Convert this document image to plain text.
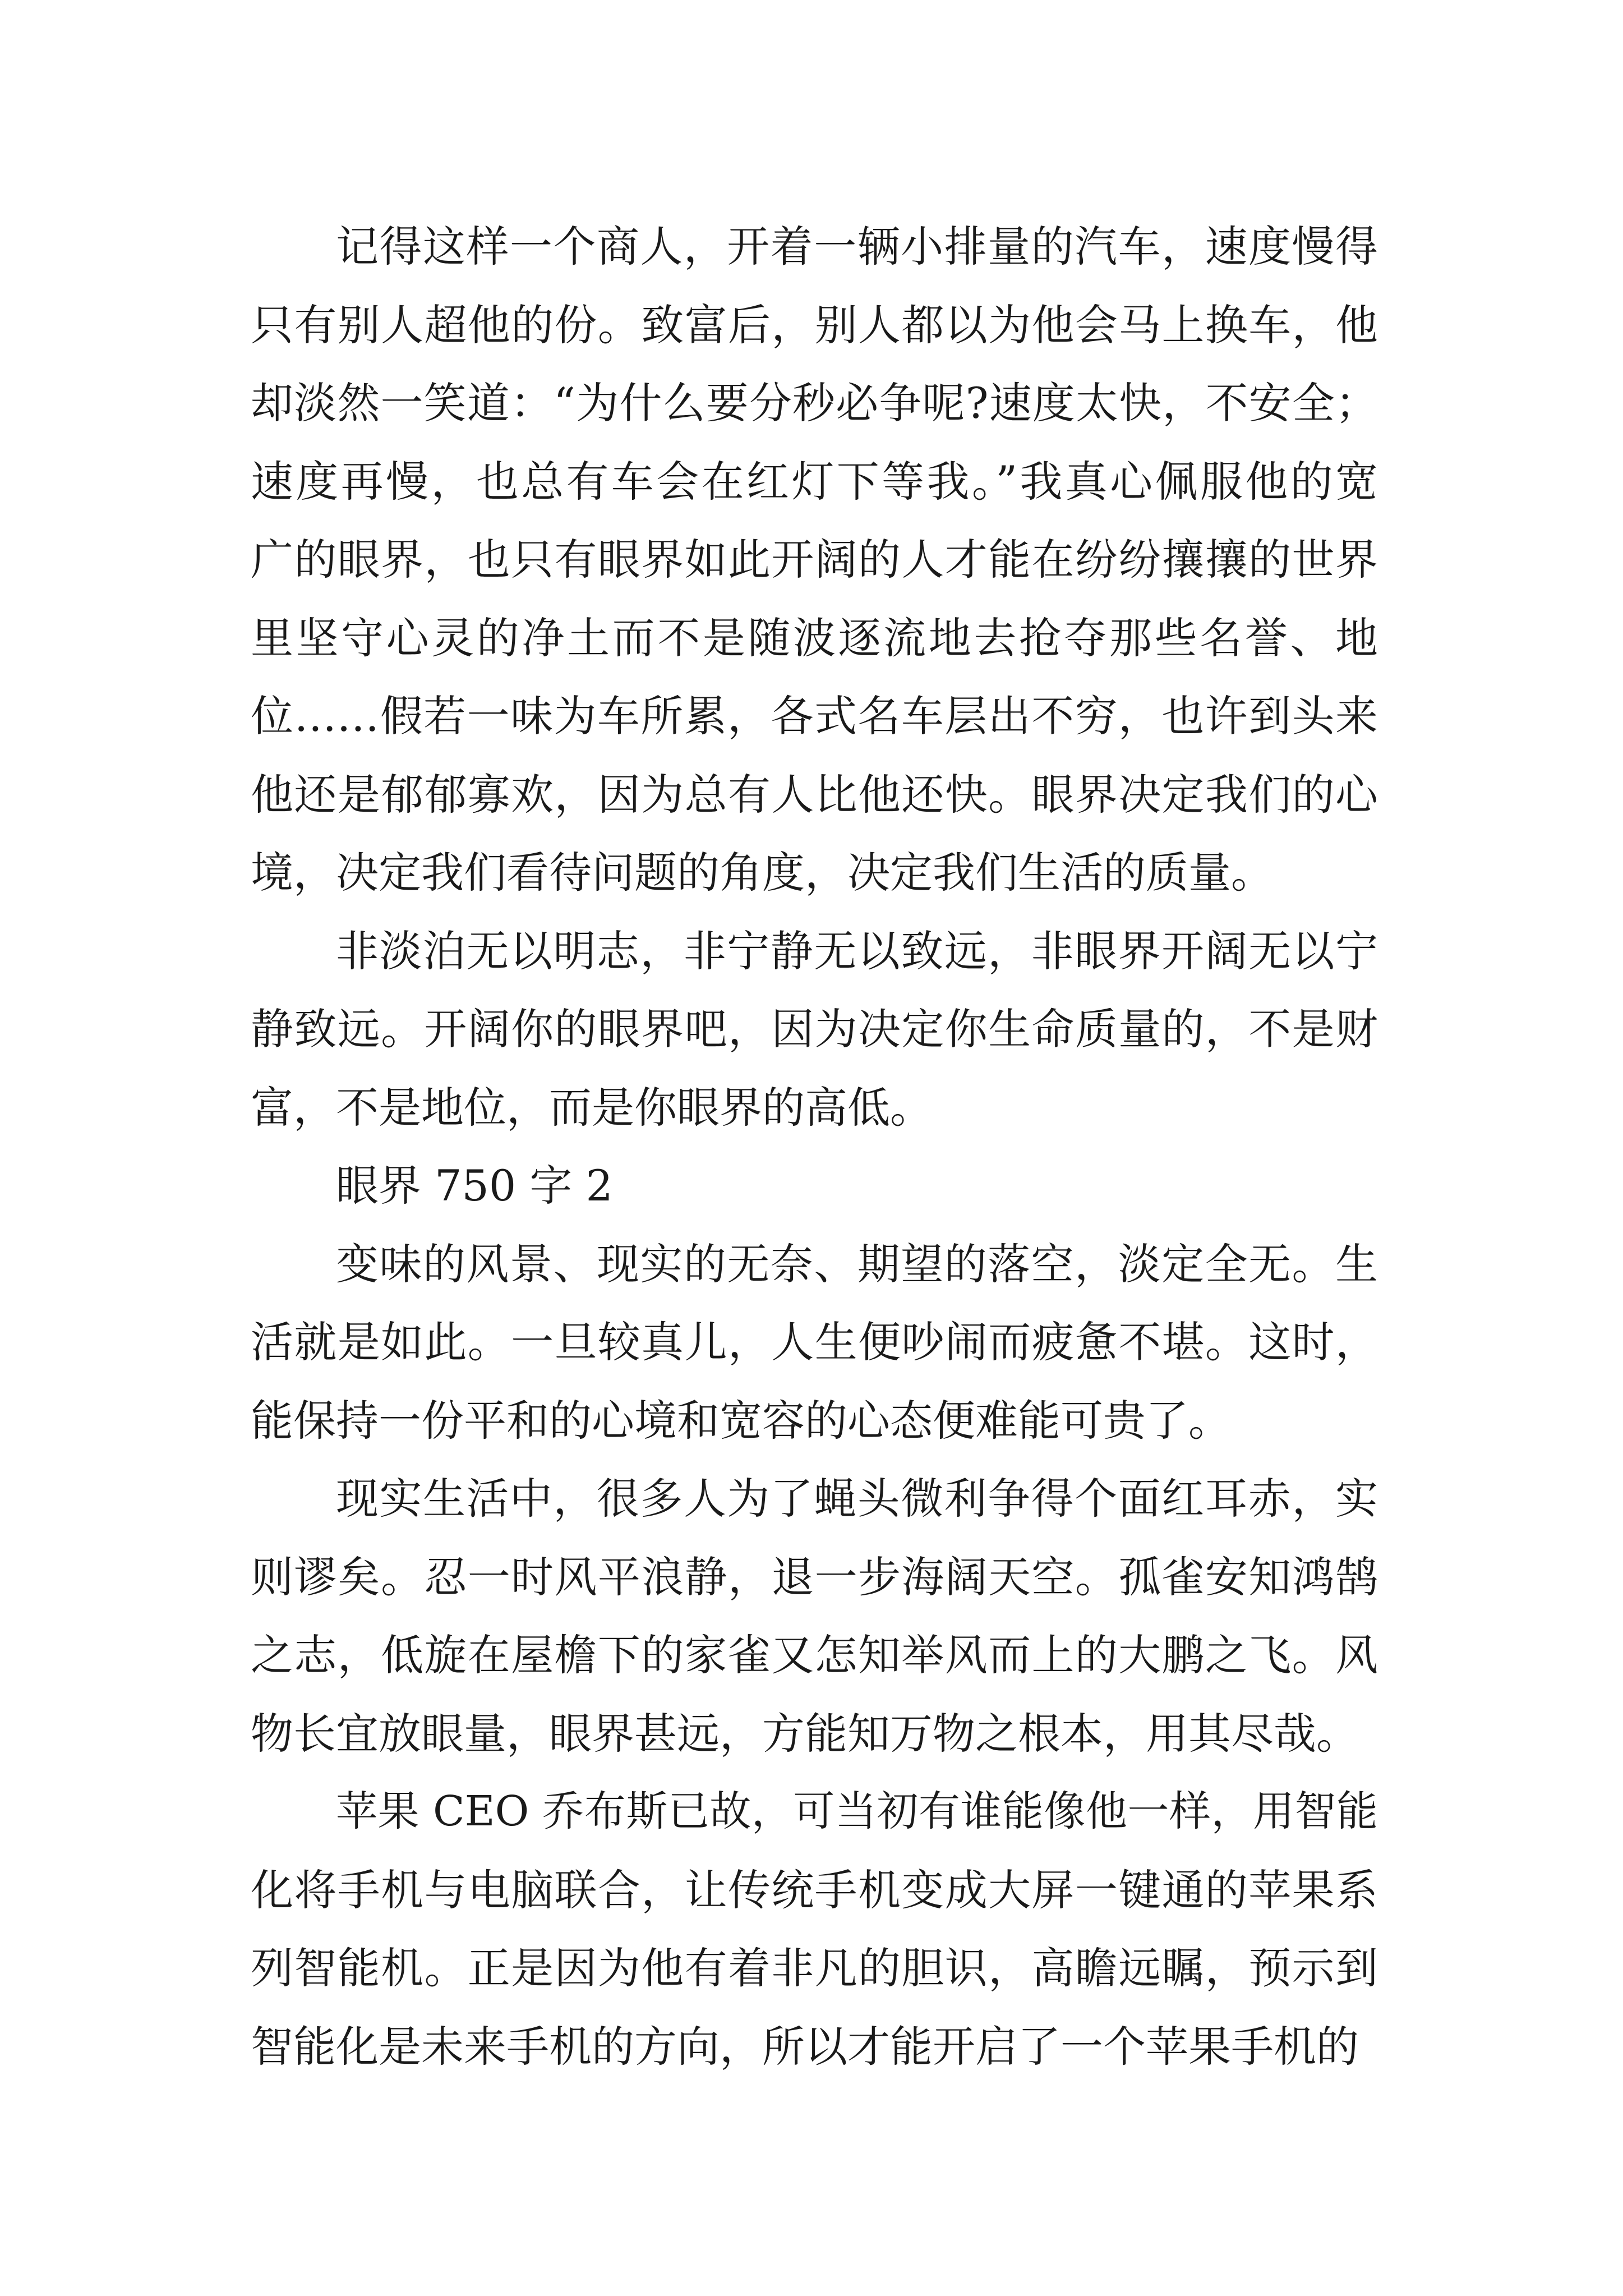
记得这样一个商人，开着一辆小排量的汽车，速度慢得
只有别人超他的份。致富后，别人都以为他会马上换车，他
却淡然一笑道：“为什么要分秒必争呢?速度太快，不安全；
速度再慢，也总有车会在红灯下等我。”我真心佩服他的宽
广的眼界，也只有眼界如此开阔的人才能在纷纷攘攘的世界
里坚守心灵的净土而不是随波逐流地去抢夺那些名誉、地
位……假若一味为车所累，各式名车层出不穷，也许到头来
他还是郁郁寡欢，因为总有人比他还快。眼界决定我们的心
境，决定我们看待问题的角度，决定我们生活的质量。
非淡泊无以明志，非宁静无以致远，非眼界开阔无以宁
静致远。开阔你的眼界吧，因为决定你生命质量的，不是财
富，不是地位，而是你眼界的高低。
眼界 750 字 2
变味的风景、现实的无奈、期望的落空，淡定全无。生
活就是如此。一旦较真儿，人生便吵闹而疲惫不堪。这时，
能保持一份平和的心境和宽容的心态便难能可贵了。
现实生活中，很多人为了蝇头微利争得个面红耳赤，实
则谬矣。忍一时风平浪静，退一步海阔天空。孤雀安知鸿鹄
之志，低旋在屋檐下的家雀又怎知举风而上的大鹏之飞。风
物长宜放眼量，眼界甚远，方能知万物之根本，用其尽哉。
苹果 CEO 乔布斯已故，可当初有谁能像他一样，用智能
化将手机与电脑联合，让传统手机变成大屏一键通的苹果系
列智能机。正是因为他有着非凡的胆识，高瞻远瞩，预示到
智能化是未来手机的方向，所以才能开启了一个苹果手机的
